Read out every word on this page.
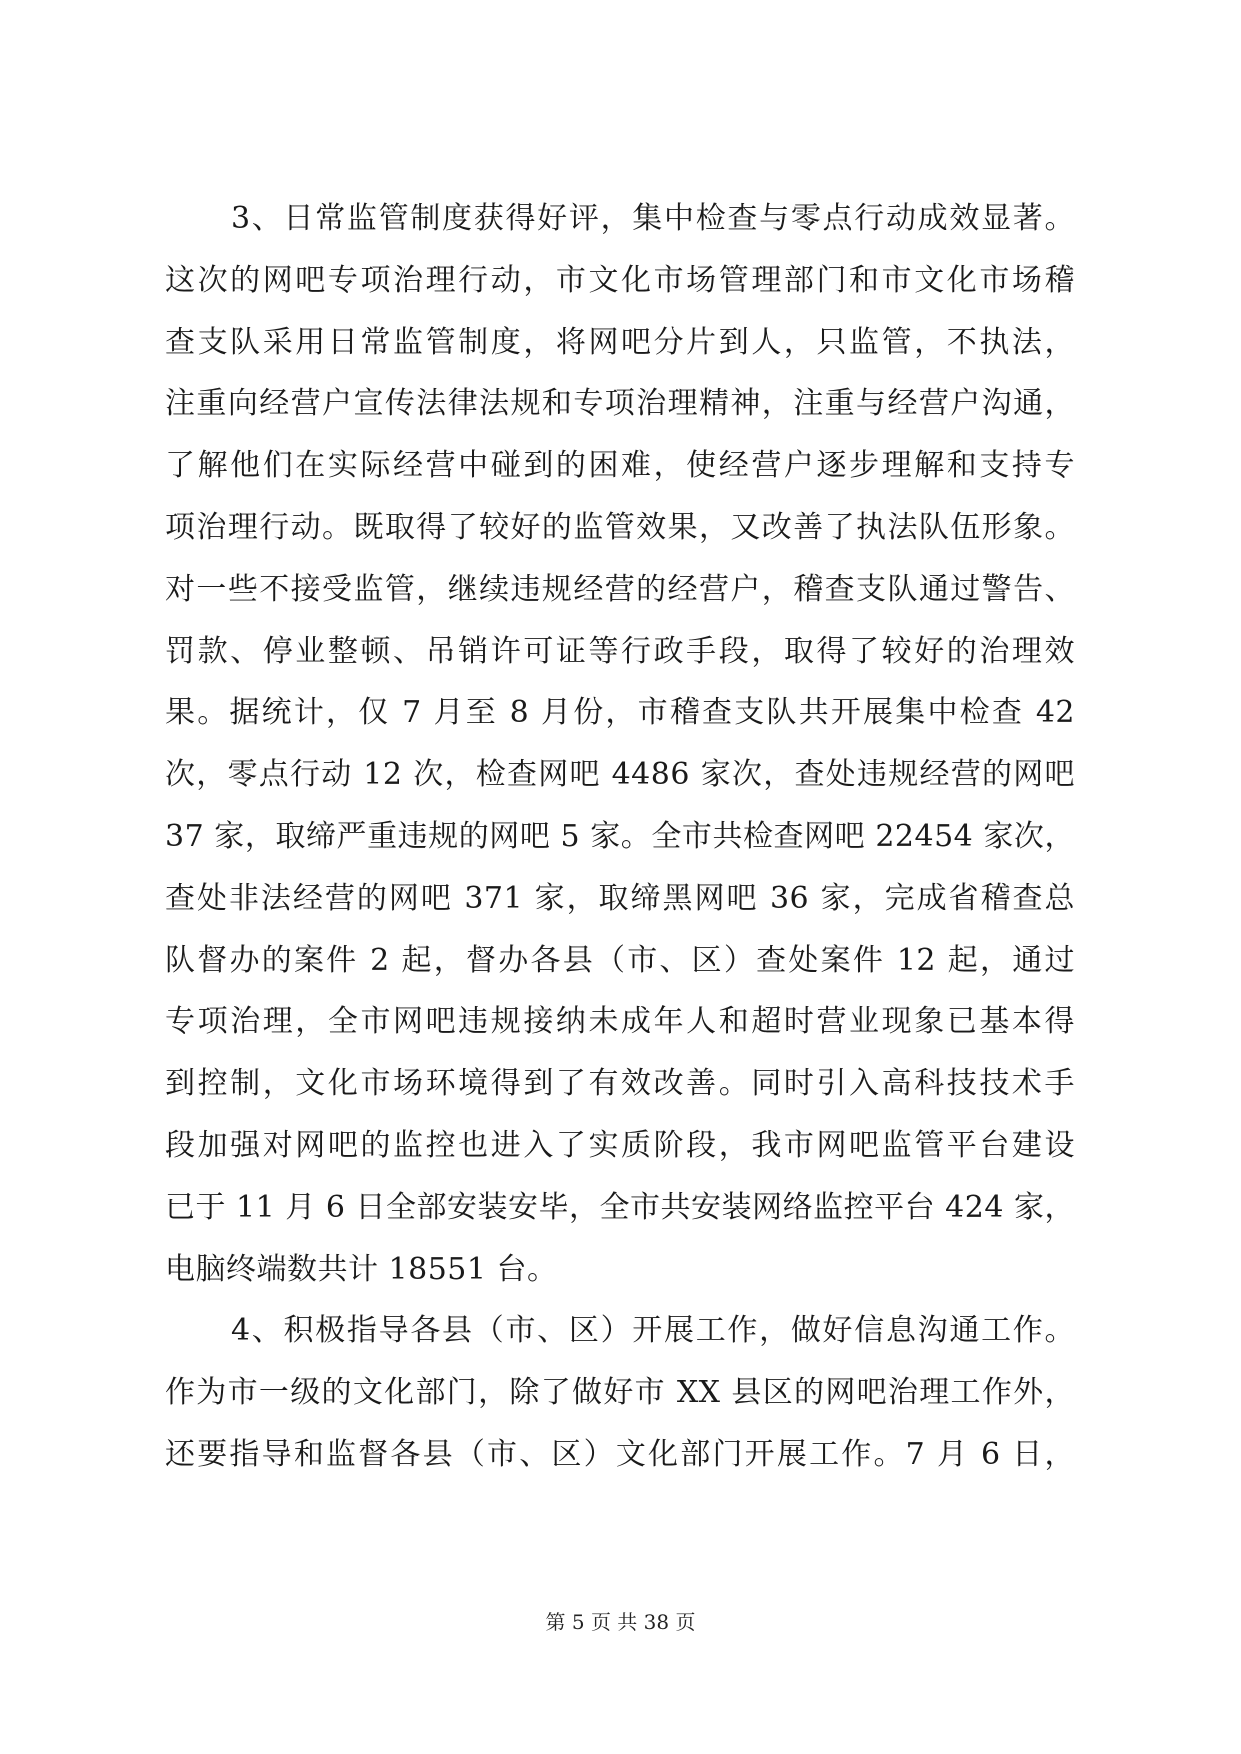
3、日常监管制度获得好评，集中检查与零点行动成效显著。
这次的网吧专项治理行动，市文化市场管理部门和市文化市场稽
查支队采用日常监管制度，将网吧分片到人，只监管，不执法，
注重向经营户宣传法律法规和专项治理精神，注重与经营户沟通，
了解他们在实际经营中碰到的困难，使经营户逐步理解和支持专
项治理行动。既取得了较好的监管效果，又改善了执法队伍形象。
对一些不接受监管，继续违规经营的经营户，稽查支队通过警告、
罚款、停业整顿、吊销许可证等行政手段，取得了较好的治理效
果。据统计，仅 7 月至 8 月份，市稽查支队共开展集中检查 42
次，零点行动 12 次，检查网吧 4486 家次，查处违规经营的网吧
37 家，取缔严重违规的网吧 5 家。全市共检查网吧 22454 家次，
查处非法经营的网吧 371 家，取缔黑网吧 36 家，完成省稽查总
队督办的案件 2 起，督办各县（市、区）查处案件 12 起，通过
专项治理，全市网吧违规接纳未成年人和超时营业现象已基本得
到控制，文化市场环境得到了有效改善。同时引入高科技技术手
段加强对网吧的监控也进入了实质阶段，我市网吧监管平台建设
已于 11 月 6 日全部安装安毕，全市共安装网络监控平台 424 家，
电脑终端数共计 18551 台。
4、积极指导各县（市、区）开展工作，做好信息沟通工作。
作为市一级的文化部门，除了做好市 XX 县区的网吧治理工作外，
还要指导和监督各县（市、区）文化部门开展工作。7 月 6 日，
第 5 页 共 38 页
